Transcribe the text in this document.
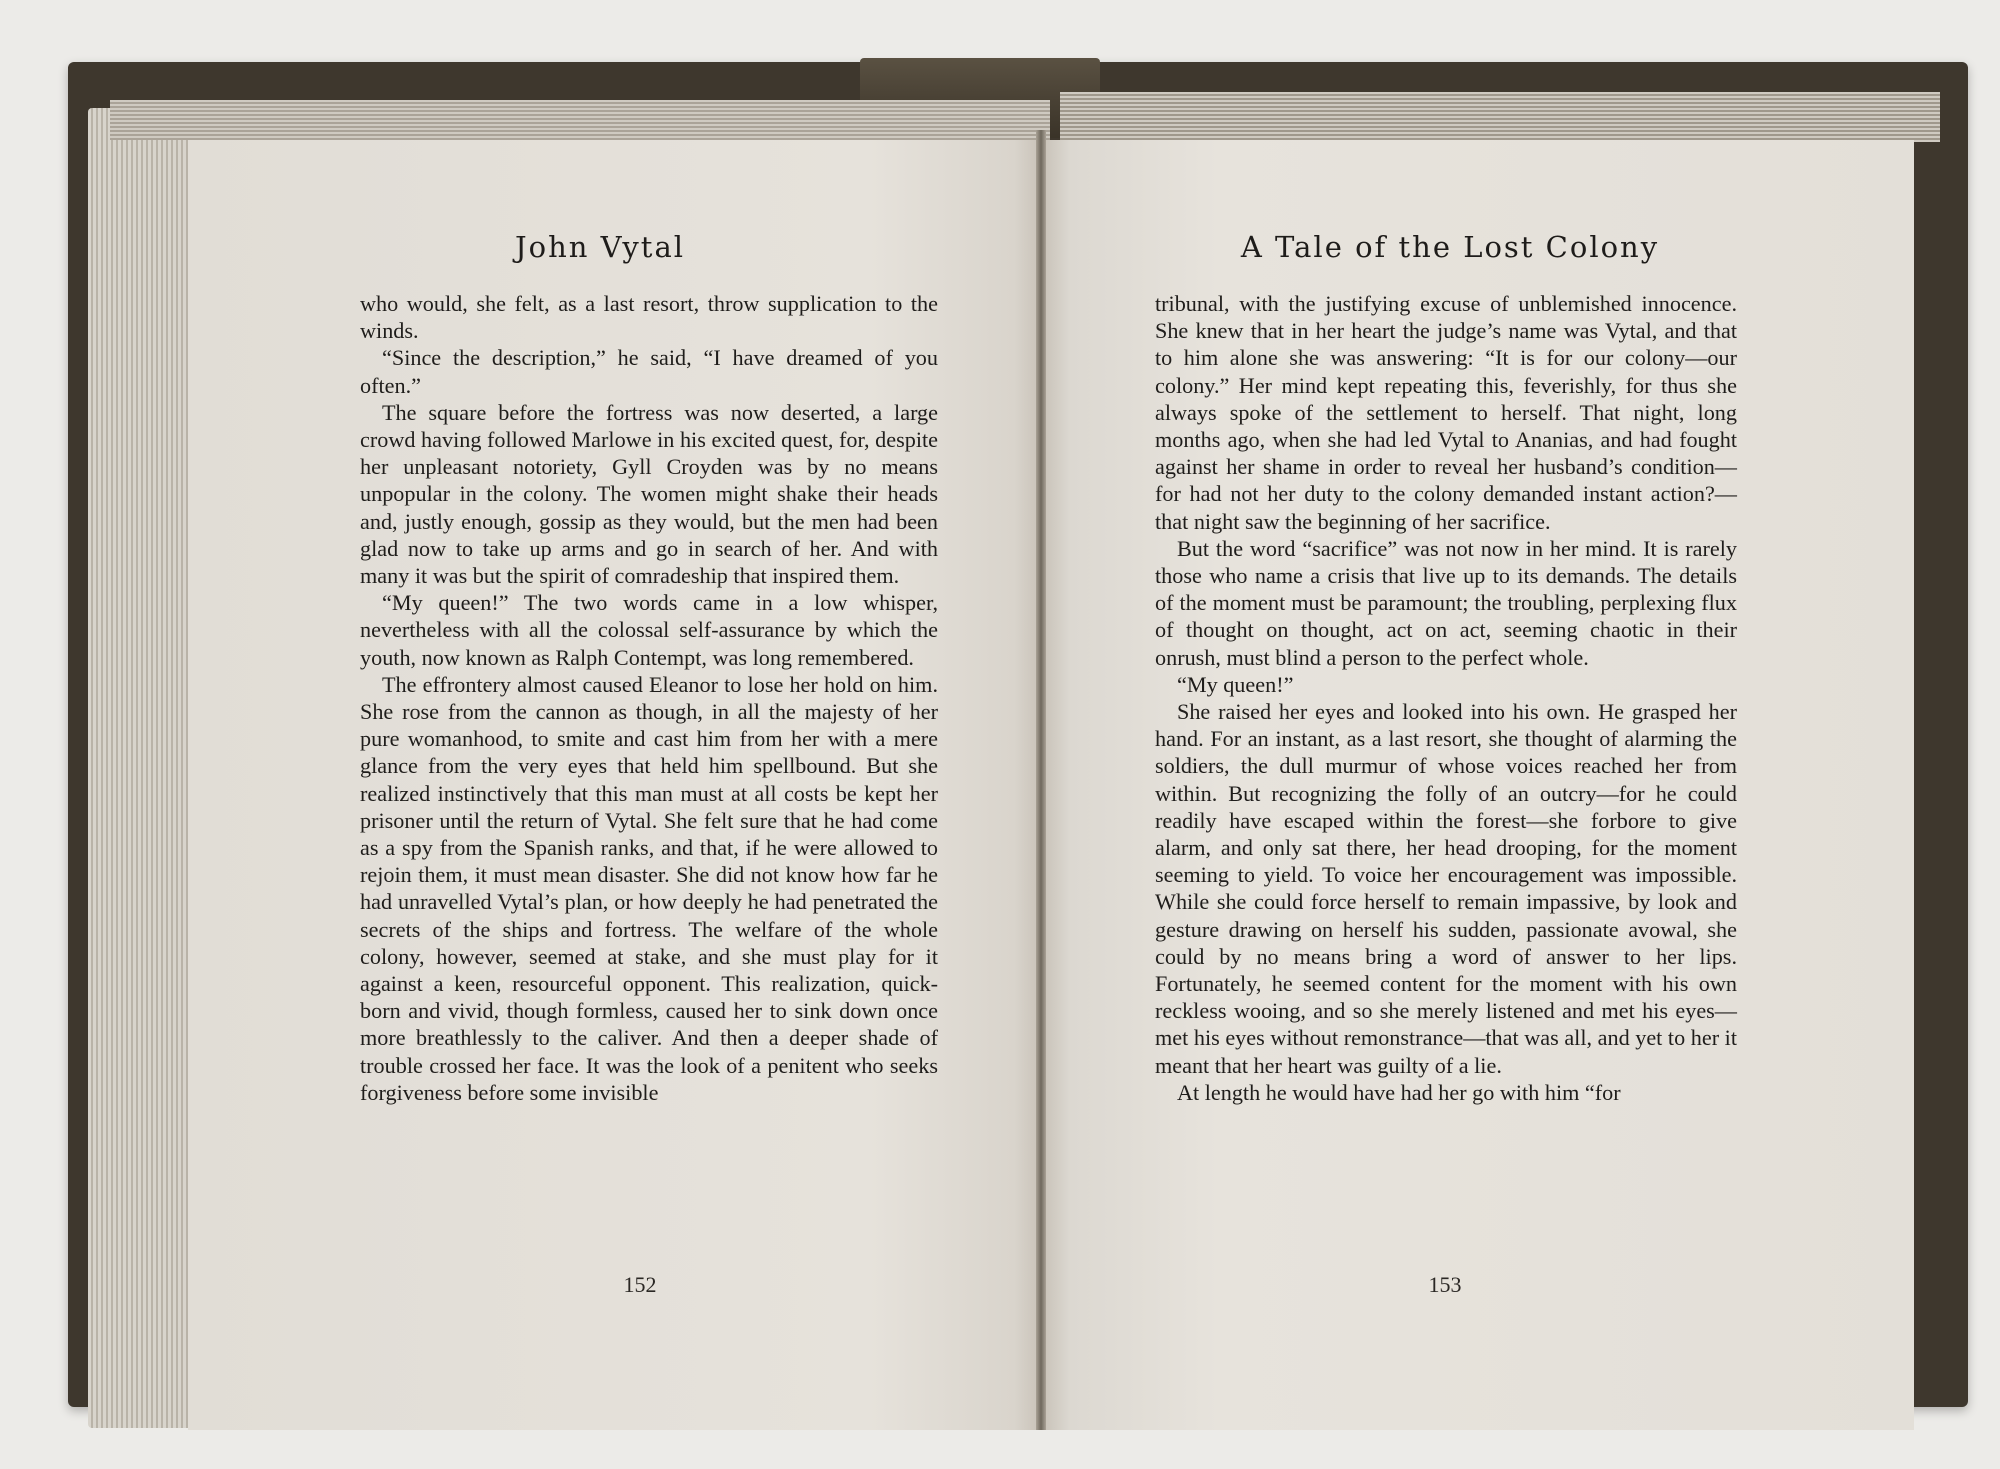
John Vytal	A Tale of the Lost Colony

who would, she felt, as a last resort, throw supplication to the winds.

“Since the description,” he said, “I have dreamed of you often.”

The square before the fortress was now deserted, a large crowd having followed Marlowe in his excited quest, for, despite her unpleasant notoriety, Gyll Croyden was by no means unpopular in the colony. The women might shake their heads and, justly enough, gossip as they would, but the men had been glad now to take up arms and go in search of her. And with many it was but the spirit of comradeship that inspired them.

“My queen!” The two words came in a low whisper, nevertheless with all the colossal self-assurance by which the youth, now known as Ralph Contempt, was long remembered.

The effrontery almost caused Eleanor to lose her hold on him. She rose from the cannon as though, in all the majesty of her pure womanhood, to smite and cast him from her with a mere glance from the very eyes that held him spellbound. But she realized instinctively that this man must at all costs be kept her prisoner until the return of Vytal. She felt sure that he had come as a spy from the Spanish ranks, and that, if he were allowed to rejoin them, it must mean disaster. She did not know how far he had unravelled Vytal’s plan, or how deeply he had penetrated the secrets of the ships and fortress. The welfare of the whole colony, however, seemed at stake, and she must play for it against a keen, resourceful opponent. This realization, quick-born and vivid, though formless, caused her to sink down once more breathlessly to the caliver. And then a deeper shade of trouble crossed her face. It was the look of a penitent who seeks forgiveness before some invisible

tribunal, with the justifying excuse of unblemished innocence. She knew that in her heart the judge’s name was Vytal, and that to him alone she was answering: “It is for our colony—our colony.” Her mind kept repeating this, feverishly, for thus she always spoke of the settlement to herself. That night, long months ago, when she had led Vytal to Ananias, and had fought against her shame in order to reveal her husband’s condition—for had not her duty to the colony demanded instant action?—that night saw the beginning of her sacrifice.

But the word “sacrifice” was not now in her mind. It is rarely those who name a crisis that live up to its demands. The details of the moment must be paramount; the troubling, perplexing flux of thought on thought, act on act, seeming chaotic in their onrush, must blind a person to the perfect whole.

“My queen!”

She raised her eyes and looked into his own. He grasped her hand. For an instant, as a last resort, she thought of alarming the soldiers, the dull murmur of whose voices reached her from within. But recognizing the folly of an outcry—for he could readily have escaped within the forest—she forbore to give alarm, and only sat there, her head drooping, for the moment seeming to yield. To voice her encouragement was impossible. While she could force herself to remain impassive, by look and gesture drawing on herself his sudden, passionate avowal, she could by no means bring a word of answer to her lips. Fortunately, he seemed content for the moment with his own reckless wooing, and so she merely listened and met his eyes—met his eyes without remonstrance—that was all, and yet to her it meant that her heart was guilty of a lie.

At length he would have had her go with him “for

152	153
